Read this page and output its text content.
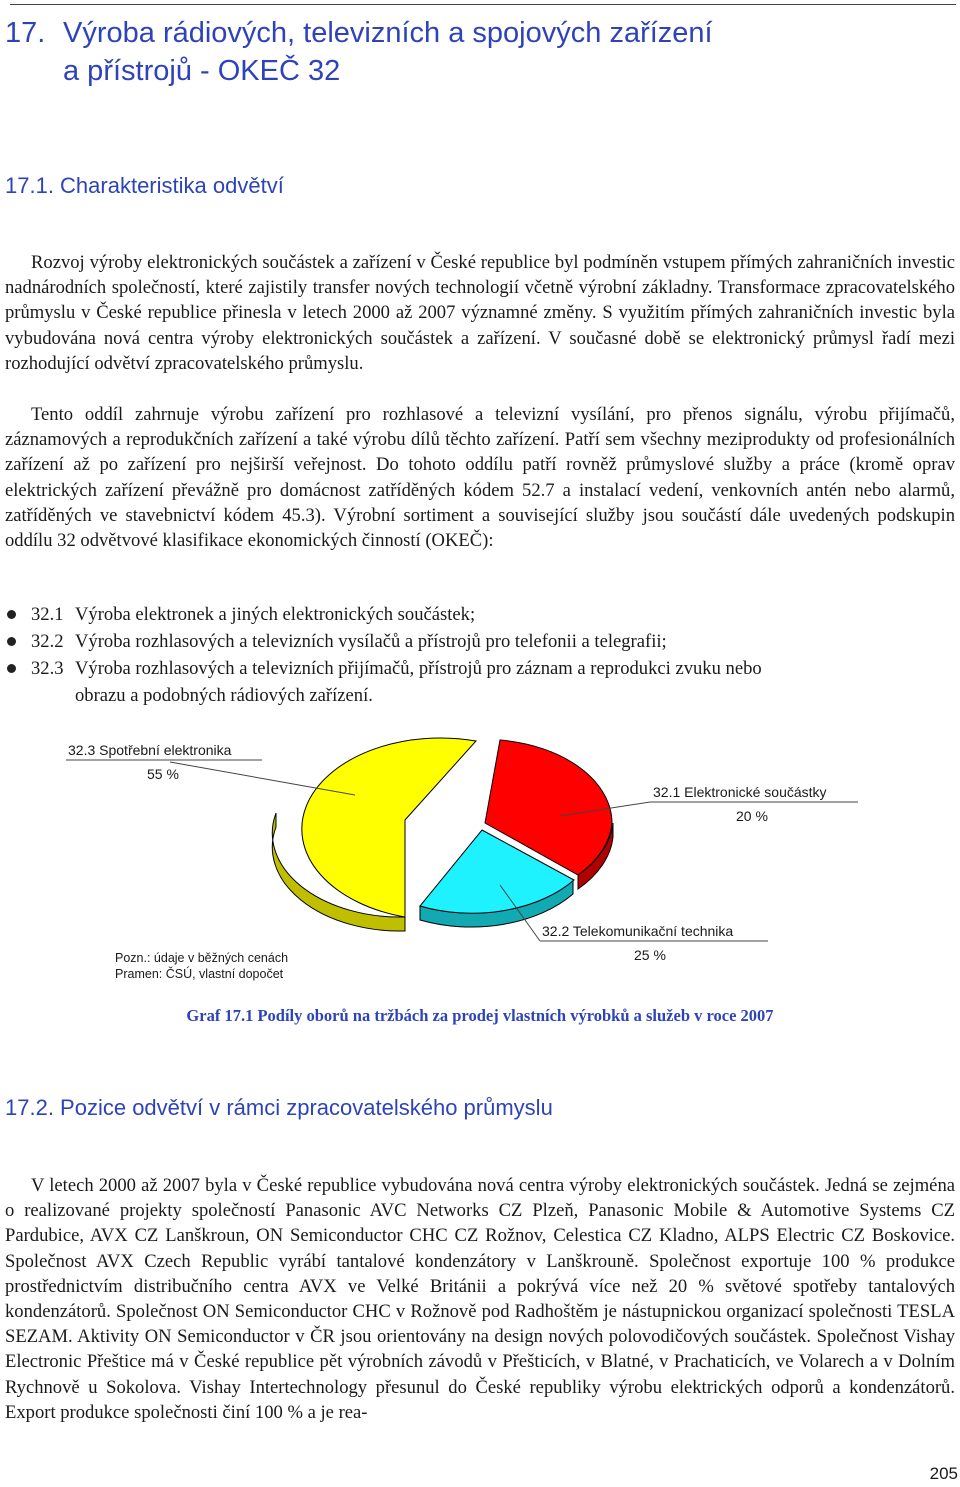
17. Výroba rádiových, televizních a spojových zařízení
a přístrojů - OKEČ 32
17.1. Charakteristika odvětví

Rozvoj výroby elektronických součástek a zařízení v České republice byl podmíněn vstupem přímých zahraničních investic nadnárodních společností, které zajistily transfer nových technologií včetně výrobní základny. Transformace zpracovatelského průmyslu v České republice přinesla v letech 2000 až 2007 významné změny. S využitím přímých zahraničních investic byla vybudována nová centra výroby elektronických součástek a zařízení. V současné době se elektronický průmysl řadí mezi rozhodující odvětví zpracovatelského průmyslu.

Tento oddíl zahrnuje výrobu zařízení pro rozhlasové a televizní vysílání, pro přenos signálu, výrobu přijímačů, záznamových a reprodukčních zařízení a také výrobu dílů těchto zařízení. Patří sem všechny meziprodukty od profesionálních zařízení až po zařízení pro nejširší veřejnost. Do tohoto oddílu patří rovněž průmyslové služby a práce (kromě oprav elektrických zařízení převážně pro domácnost zatříděných kódem 52.7 a instalací vedení, venkovních antén nebo alarmů, zatříděných ve stavebnictví kódem 45.3). Výrobní sortiment a související služby jsou součástí dále uvedených podskupin oddílu 32 odvětvové klasifikace ekonomických činností (OKEČ):

32.1 Výroba elektronek a jiných elektronických součástek;
32.2 Výroba rozhlasových a televizních vysílačů a přístrojů pro telefonii a telegrafii;
32.3 Výroba rozhlasových a televizních přijímačů, přístrojů pro záznam a reprodukci zvuku nebo
obrazu a podobných rádiových zařízení.
32.3 Spotřební elektronika
55 %
32.1 Elektronické součástky
20 %
32.2 Telekomunikační technika
25 %
Pozn.: údaje v běžných cenách
Pramen: ČSÚ, vlastní dopočet
Graf 17.1 Podíly oborů na tržbách za prodej vlastních výrobků a služeb v roce 2007
17.2. Pozice odvětví v rámci zpracovatelského průmyslu

V letech 2000 až 2007 byla v České republice vybudována nová centra výroby elektronických součástek. Jedná se zejména o realizované projekty společností Panasonic AVC Networks CZ Plzeň, Panasonic Mobile & Automotive Systems CZ Pardubice, AVX CZ Lanškroun, ON Semiconductor CHC CZ Rožnov, Celestica CZ Kladno, ALPS Electric CZ Boskovice. Společnost AVX Czech Republic vyrábí tantalové kondenzátory v Lanškrouně. Společnost exportuje 100 % produkce prostřednictvím distribučního centra AVX ve Velké Británii a pokrývá více než 20 % světové spotřeby tantalových kondenzátorů. Společnost ON Semiconductor CHC v Rožnově pod Radhoštěm je nástupnickou organizací společnosti TESLA SEZAM. Aktivity ON Semiconductor v ČR jsou orientovány na design nových polovodičových součástek. Společnost Vishay Electronic Přeštice má v České republice pět výrobních závodů v Přešticích, v Blatné, v Prachaticích, ve Volarech a v Dolním Rychnově u Sokolova. Vishay Intertechnology přesunul do České republiky výrobu elektrických odporů a kondenzátorů. Export produkce společnosti činí 100 % a je rea-

205
